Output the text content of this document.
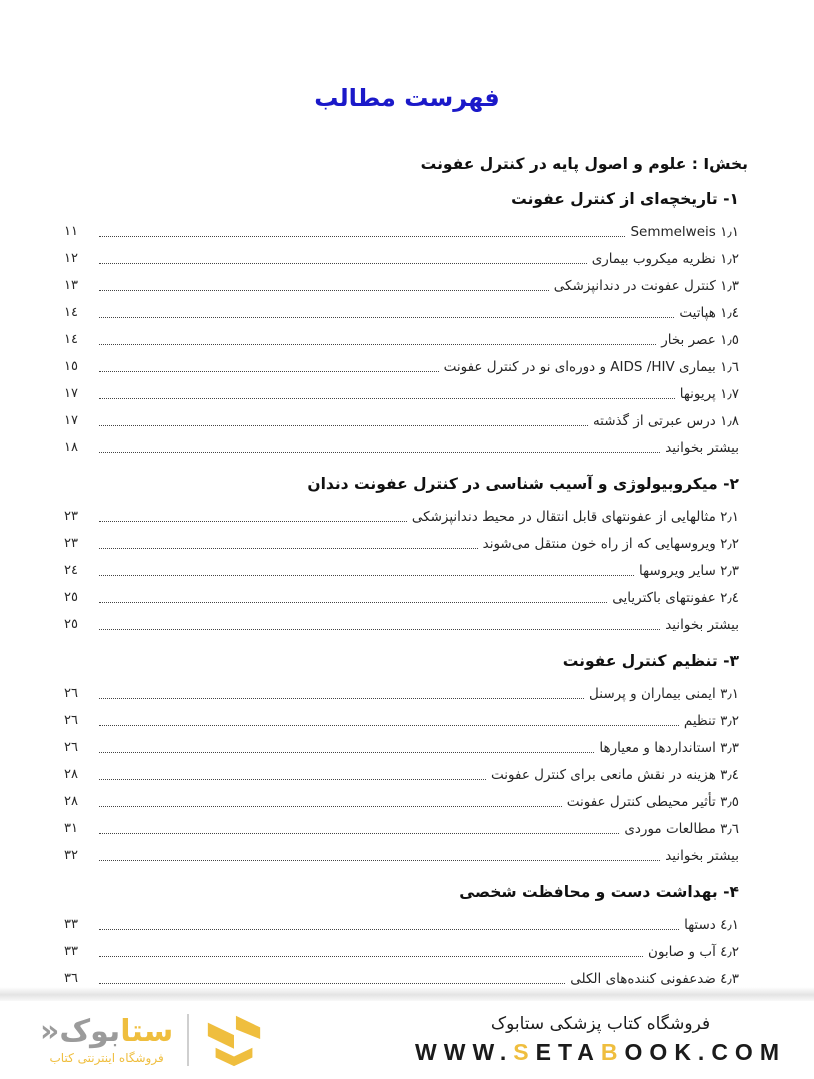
فهرست مطالب
بخشI : علوم و اصول پایه در کنترل عفونت
۱- تاریخچه‌ای از کنترل عفونت
١٫١ Semmelweis
١١
١٫٢ نظریه میکروب بیماری
١٢
١٫٣ کنترل عفونت در دندانپزشکی
١٣
١٫٤ هپاتیت
١٤
١٫٥ عصر بخار
١٤
١٫٦ بیماری AIDS /HIV و دوره‌ای نو در کنترل عفونت
١٥
١٫٧ پریونها
١٧
١٫٨ درس عبرتی از گذشته
١٧
بیشتر بخوانید
١٨
۲- میکروبیولوژی و آسیب شناسی در کنترل عفونت دندان
٢٫١ مثالهایی از عفونتهای قابل انتقال در محیط دندانپزشکی
٢٣
٢٫٢ ویروسهایی که از راه خون منتقل می‌شوند
٢٣
٢٫٣ سایر ویروسها
٢٤
٢٫٤ عفونتهای باکتریایی
٢٥
بیشتر بخوانید
٢٥
۳- تنظیم کنترل عفونت
٣٫١ ایمنی بیماران و پرسنل
٢٦
٣٫٢ تنظیم
٢٦
٣٫٣ استانداردها و معیارها
٢٦
٣٫٤ هزینه در نقش مانعی برای کنترل عفونت
٢٨
٣٫٥ تأثیر محیطی کنترل عفونت
٢٨
٣٫٦ مطالعات موردی
٣١
بیشتر بخوانید
٣٢
۴- بهداشت دست و محافظت شخصی
٤٫١ دستها
٣٣
٤٫٢ آب و صابون
٣٣
٤٫٣ ضدعفونی کننده‌های الکلی
٣٦
ستابوک«
فروشگاه اینترنتی کتاب
فروشگاه کتاب پزشکی ستابوک
WWW.SETABOOK.COM
